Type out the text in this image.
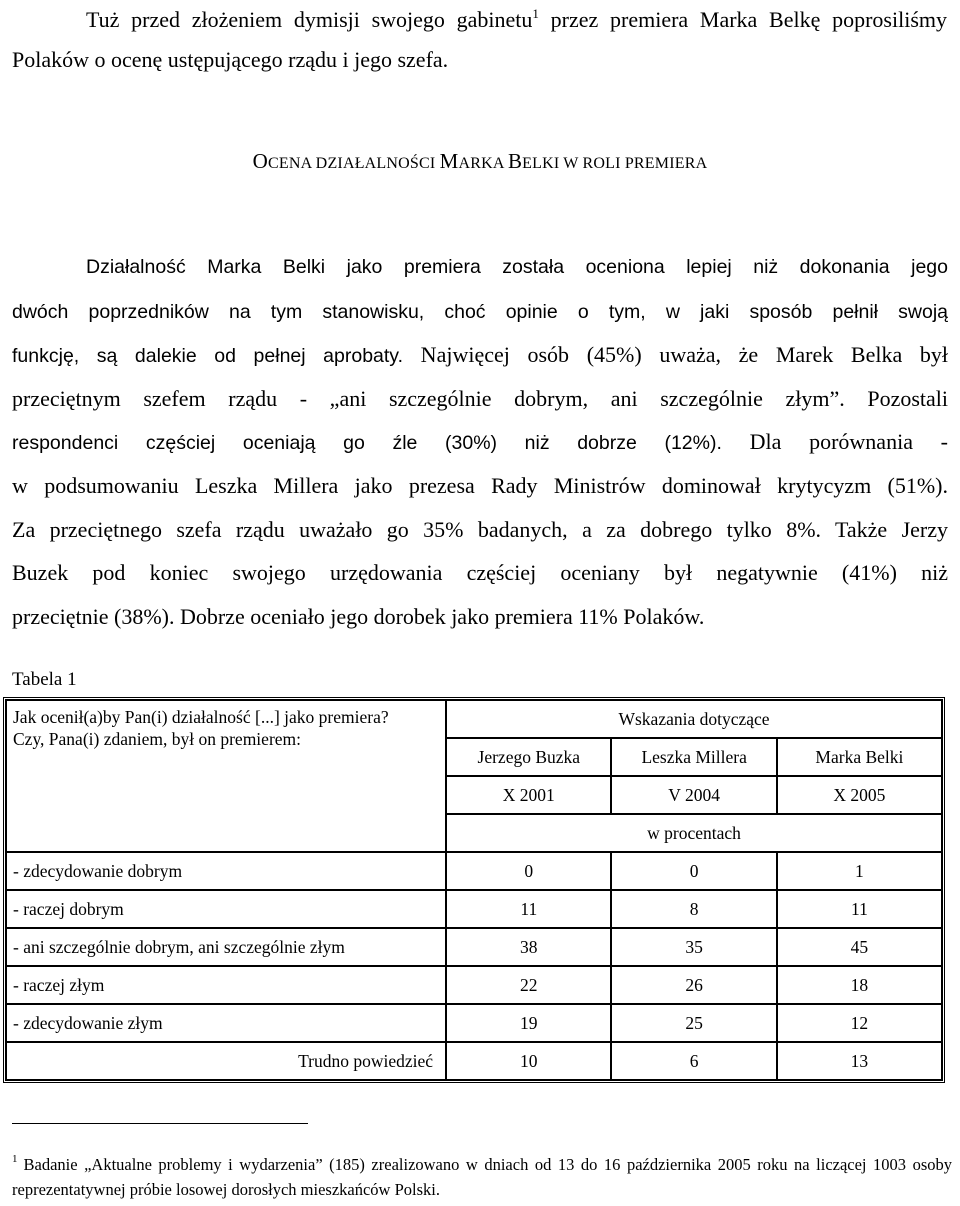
Tuż przed złożeniem dymisji swojego gabinetu$^1$ przez premiera Marka Belkę poprosiliśmy Polaków o ocenę ustępującego rządu i jego szefa.

OCENA DZIAŁALNOŚCI MARKA BELKI W ROLI PREMIERA
Działalność Marka Belki jako premiera została oceniona lepiej niż dokonania jego
dwóch poprzedników na tym stanowisku, choć opinie o tym, w jaki sposób pełnił swoją
funkcję, są dalekie od pełnej aprobaty. Najwięcej osób (45%) uważa, że Marek Belka był
przeciętnym szefem rządu - „ani szczególnie dobrym, ani szczególnie złym”. Pozostali
respondenci częściej oceniają go źle (30%) niż dobrze (12%). Dla porównania -
w podsumowaniu Leszka Millera jako prezesa Rady Ministrów dominował krytycyzm (51%).
Za przeciętnego szefa rządu uważało go 35% badanych, a za dobrego tylko 8%. Także Jerzy
Buzek pod koniec swojego urzędowania częściej oceniany był negatywnie (41%) niż
przeciętnie (38%). Dobrze oceniało jego dorobek jako premiera 11% Polaków.
Tabela 1
Jak ocenił(a)by Pan(i) działalność [...] jako premiera?
Czy, Pana(i) zdaniem, był on premierem:	Wskazania dotyczące		
	Jerzego Buzka	Leszka Millera	Marka Belki
	X 2001	V 2004	X 2005
	w procentach		
- zdecydowanie dobrym	0	0	1
- raczej dobrym	11	8	11
- ani szczególnie dobrym, ani szczególnie złym	38	35	45
- raczej złym	22	26	18
- zdecydowanie złym	19	25	12
Trudno powiedzieć	10	6	13

$^1$ Badanie „Aktualne problemy i wydarzenia” (185) zrealizowano w dniach od 13 do 16 października 2005 roku na liczącej 1003 osoby reprezentatywnej próbie losowej dorosłych mieszkańców Polski.
